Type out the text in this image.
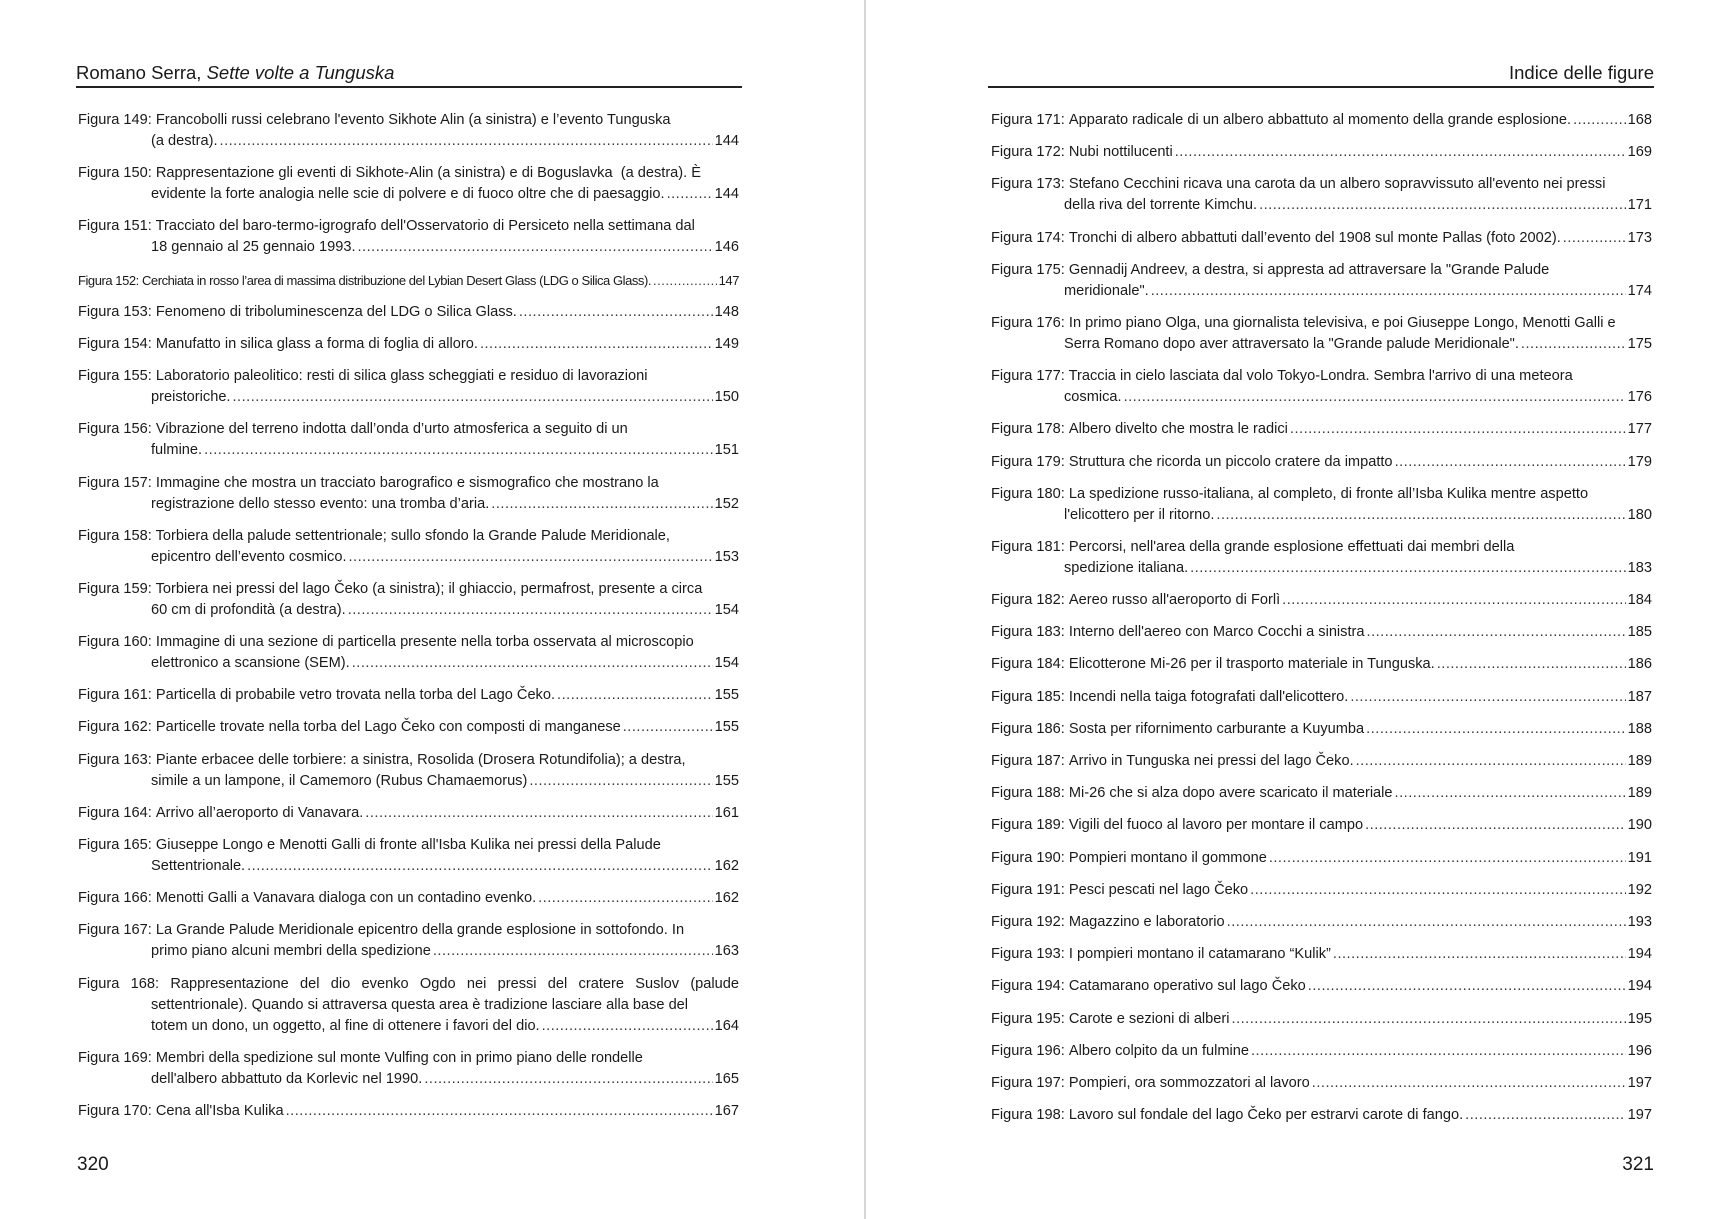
Romano Serra, Sette volte a Tunguska
Figura 149: Francobolli russi celebrano l'evento Sikhote Alin (a sinistra) e l’evento Tunguska
(a destra). .....	144
Figura 150: Rappresentazione gli eventi di Sikhote-Alin (a sinistra) e di Boguslavka  (a destra). È
evidente la forte analogia nelle scie di polvere e di fuoco oltre che di paesaggio. .....	144
Figura 151: Tracciato del baro-termo-igrografo dell'Osservatorio di Persiceto nella settimana dal
18 gennaio al 25 gennaio 1993. .....	146
Figura 152:
Cerchiata in rosso l’area di massima distribuzione del Lybian Desert Glass (LDG o Silica Glass). .....	147
Figura 153:
Fenomeno di triboluminescenza del LDG o Silica Glass. .....	148
Figura 154:
Manufatto in silica glass a forma di foglia di alloro. .....	149
Figura 155: Laboratorio paleolitico: resti di silica glass scheggiati e residuo di lavorazioni
preistoriche. .....	150
Figura 156: Vibrazione del terreno indotta dall’onda d’urto atmosferica a seguito di un
fulmine. .....	151
Figura 157: Immagine che mostra un tracciato barografico e sismografico che mostrano la
registrazione dello stesso evento: una tromba d’aria. .....	152
Figura 158: Torbiera della palude settentrionale; sullo sfondo la Grande Palude Meridionale,
epicentro dell’evento cosmico. .....	153
Figura 159: Torbiera nei pressi del lago Čeko (a sinistra); il ghiaccio, permafrost, presente a circa
60 cm di profondità (a destra). .....	154
Figura 160: Immagine di una sezione di particella presente nella torba osservata al microscopio
elettronico a scansione (SEM). .....	154
Figura 161:
Particella di probabile vetro trovata nella torba del Lago Čeko. .....	155
Figura 162:
Particelle trovate nella torba del Lago Čeko con composti di manganese .....	155
Figura 163: Piante erbacee delle torbiere: a sinistra, Rosolida (Drosera Rotundifolia); a destra,
simile a un lampone, il Camemoro (Rubus Chamaemorus) .....	155
Figura 164:
Arrivo all’aeroporto di Vanavara. .....	161
Figura 165: Giuseppe Longo e Menotti Galli di fronte all'Isba Kulika nei pressi della Palude
Settentrionale. .....	162
Figura 166:
Menotti Galli a Vanavara dialoga con un contadino evenko. .....	162
Figura 167: La Grande Palude Meridionale epicentro della grande esplosione in sottofondo. In
primo piano alcuni membri della spedizione .....	163
Figura 168: Rappresentazione del dio evenko Ogdo nei pressi del cratere Suslov (palude settentrionale). Quando si attraversa questa area è tradizione lasciare alla base del
totem un dono, un oggetto, al fine di ottenere i favori del dio. .....	164
Figura 169: Membri della spedizione sul monte Vulfing con in primo piano delle rondelle
dell'albero abbattuto da Korlevic nel 1990. .....	165
Figura 170:
Cena all'Isba Kulika .....	167
320
Indice delle figure
Figura 171:
Apparato radicale di un albero abbattuto al momento della grande esplosione. .....	168
Figura 172:
Nubi nottilucenti .....	169
Figura 173: Stefano Cecchini ricava una carota da un albero sopravvissuto all'evento nei pressi
della riva del torrente Kimchu. .....	171
Figura 174:
Tronchi di albero abbattuti dall’evento del 1908 sul monte Pallas (foto 2002). .....	173
Figura 175: Gennadij Andreev, a destra, si appresta ad attraversare la "Grande Palude
meridionale". .....	174
Figura 176: In primo piano Olga, una giornalista televisiva, e poi Giuseppe Longo, Menotti Galli e
Serra Romano dopo aver attraversato la "Grande palude Meridionale". .....	175
Figura 177: Traccia in cielo lasciata dal volo Tokyo-Londra. Sembra l'arrivo di una meteora
cosmica. .....	176
Figura 178:
Albero divelto che mostra le radici .....	177
Figura 179:
Struttura che ricorda un piccolo cratere da impatto .....	179
Figura 180: La spedizione russo-italiana, al completo, di fronte all’Isba Kulika mentre aspetto
l'elicottero per il ritorno. .....	180
Figura 181: Percorsi, nell'area della grande esplosione effettuati dai membri della
spedizione italiana. .....	183
Figura 182:
Aereo russo all'aeroporto di Forlì .....	184
Figura 183:
Interno dell'aereo con Marco Cocchi a sinistra .....	185
Figura 184:
Elicotterone Mi-26 per il trasporto materiale in Tunguska. .....	186
Figura 185:
Incendi nella taiga fotografati dall'elicottero. .....	187
Figura 186:
Sosta per rifornimento carburante a Kuyumba .....	188
Figura 187:
Arrivo in Tunguska nei pressi del lago Čeko. .....	189
Figura 188:
Mi-26 che si alza dopo avere scaricato il materiale .....	189
Figura 189:
Vigili del fuoco al lavoro per montare il campo .....	190
Figura 190:
Pompieri montano il gommone .....	191
Figura 191:
Pesci pescati nel lago Čeko .....	192
Figura 192:
Magazzino e laboratorio .....	193
Figura 193:
I pompieri montano il catamarano “Kulik” .....	194
Figura 194:
Catamarano operativo sul lago Čeko .....	194
Figura 195:
Carote e sezioni di alberi .....	195
Figura 196:
Albero colpito da un fulmine .....	196
Figura 197:
Pompieri, ora sommozzatori al lavoro .....	197
Figura 198:
Lavoro sul fondale del lago Čeko per estrarvi carote di fango. .....	197
321
